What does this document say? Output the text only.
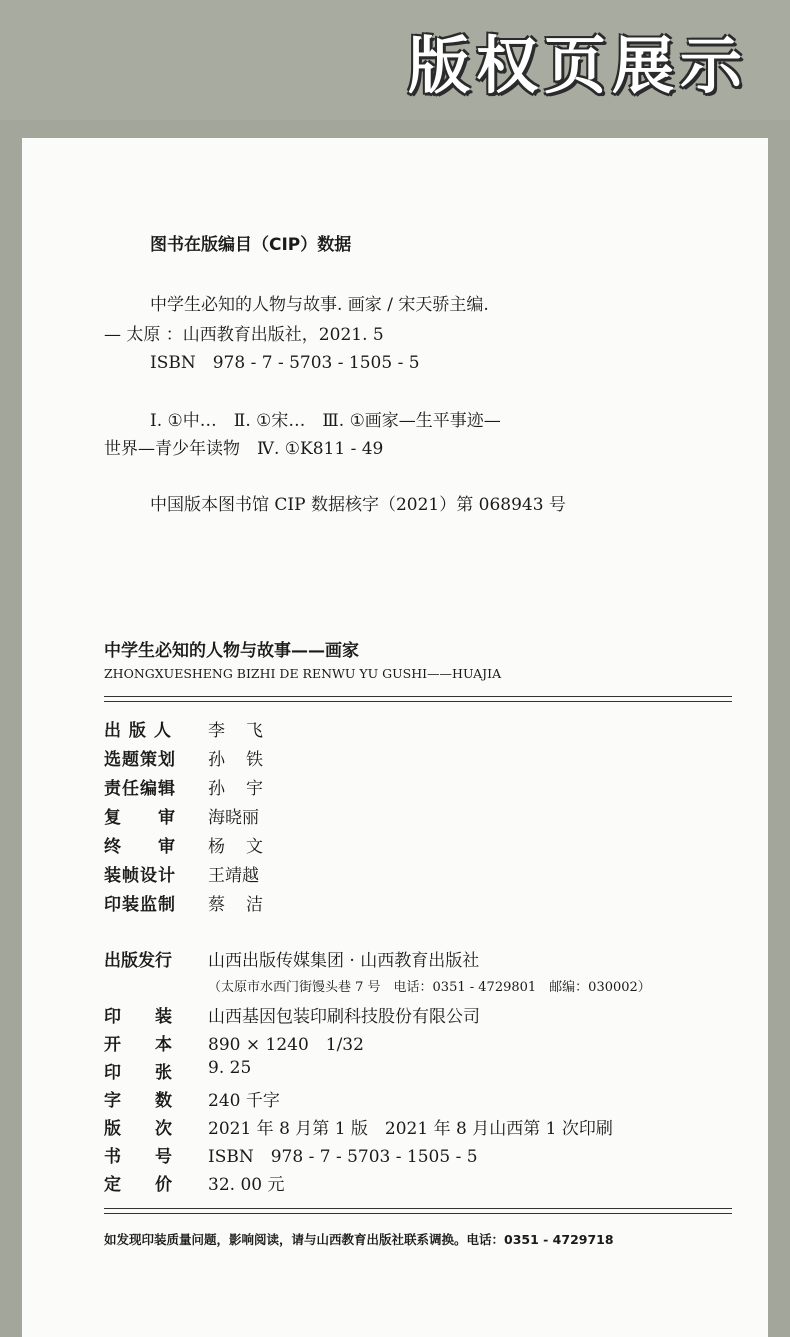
版权页展示
图书在版编目（CIP）数据
中学生必知的人物与故事. 画家 / 宋天骄主编.
— 太原 ：山西教育出版社，2021. 5
ISBN　978 - 7 - 5703 - 1505 - 5
Ⅰ. ①中…　Ⅱ. ①宋…　Ⅲ. ①画家—生平事迹—
世界—青少年读物　Ⅳ. ①K811 - 49
中国版本图书馆 CIP 数据核字（2021）第 068943 号
中学生必知的人物与故事——画家
ZHONGXUESHENG BIZHI DE RENWU YU GUSHI——HUAJIA
出 版 人 李　飞
选题策划 孙　铁
责任编辑 孙　宇
复　　审 海晓丽
终　　审 杨　文
装帧设计 王靖越
印装监制 蔡　洁
出版发行 山西出版传媒集团 · 山西教育出版社
（太原市水西门街馒头巷 7 号　电话：0351 - 4729801　邮编：030002）
印　　装 山西基因包装印刷科技股份有限公司
开　　本 890 × 1240　1/32
印　　张 9. 25
字　　数 240 千字
版　　次 2021 年 8 月第 1 版　2021 年 8 月山西第 1 次印刷
书　　号 ISBN　978 - 7 - 5703 - 1505 - 5
定　　价 32. 00 元
如发现印装质量问题，影响阅读，请与山西教育出版社联系调换。电话：0351 - 4729718
